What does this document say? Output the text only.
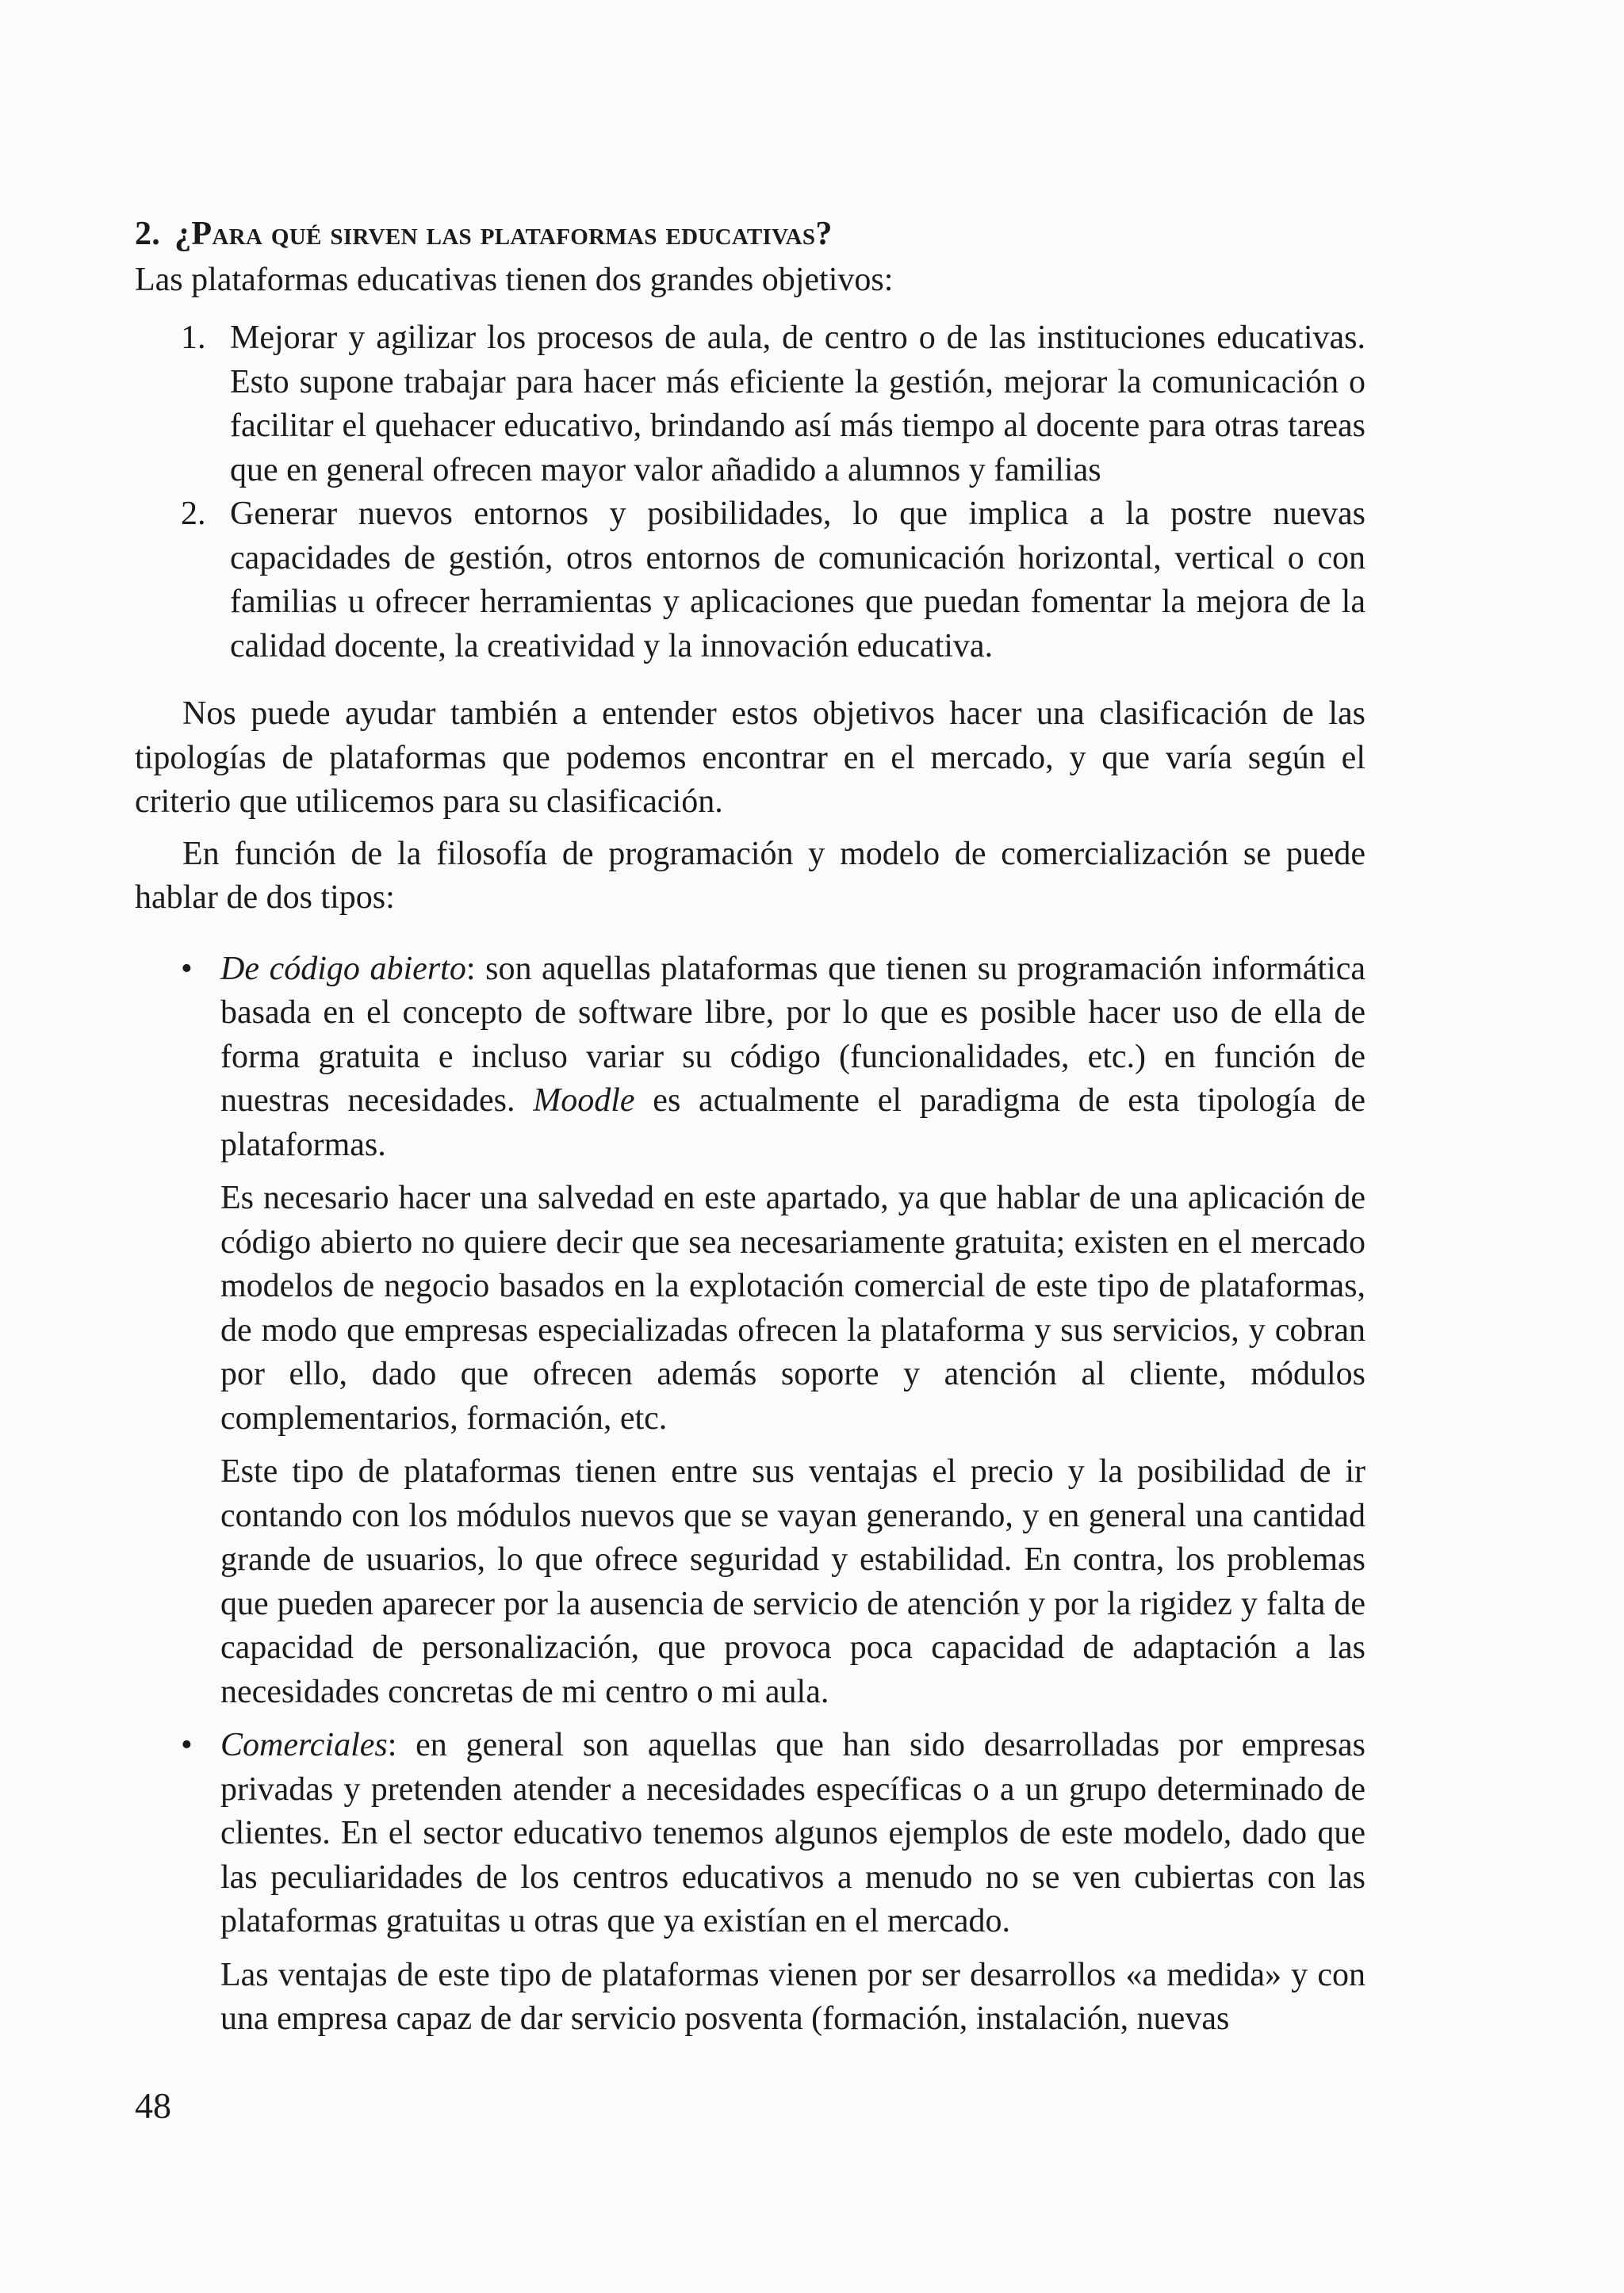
2. ¿Para qué sirven las plataformas educativas?

Las plataformas educativas tienen dos grandes objetivos:

1. Mejorar y agilizar los procesos de aula, de centro o de las instituciones educativas. Esto supone trabajar para hacer más eficiente la gestión, mejorar la comunicación o facilitar el quehacer educativo, brindando así más tiempo al docente para otras tareas que en general ofrecen mayor valor añadido a alumnos y familias
2. Generar nuevos entornos y posibilidades, lo que implica a la postre nuevas capacidades de gestión, otros entornos de comunicación horizontal, vertical o con familias u ofrecer herramientas y aplicaciones que puedan fomentar la mejora de la calidad docente, la creatividad y la innovación educativa.

Nos puede ayudar también a entender estos objetivos hacer una clasificación de las tipologías de plataformas que podemos encontrar en el mercado, y que varía según el criterio que utilicemos para su clasificación.

En función de la filosofía de programación y modelo de comercialización se puede hablar de dos tipos:

• De código abierto: son aquellas plataformas que tienen su programación informática basada en el concepto de software libre, por lo que es posible hacer uso de ella de forma gratuita e incluso variar su código (funcionalidades, etc.) en función de nuestras necesidades. Moodle es actualmente el paradigma de esta tipología de plataformas.

Es necesario hacer una salvedad en este apartado, ya que hablar de una aplicación de código abierto no quiere decir que sea necesariamente gratuita; existen en el mercado modelos de negocio basados en la explotación comercial de este tipo de plataformas, de modo que empresas especializadas ofrecen la plataforma y sus servicios, y cobran por ello, dado que ofrecen además soporte y atención al cliente, módulos complementarios, formación, etc.

Este tipo de plataformas tienen entre sus ventajas el precio y la posibilidad de ir contando con los módulos nuevos que se vayan generando, y en general una cantidad grande de usuarios, lo que ofrece seguridad y estabilidad. En contra, los problemas que pueden aparecer por la ausencia de servicio de atención y por la rigidez y falta de capacidad de personalización, que provoca poca capacidad de adaptación a las necesidades concretas de mi centro o mi aula.

• Comerciales: en general son aquellas que han sido desarrolladas por empresas privadas y pretenden atender a necesidades específicas o a un grupo determinado de clientes. En el sector educativo tenemos algunos ejemplos de este modelo, dado que las peculiaridades de los centros educativos a menudo no se ven cubiertas con las plataformas gratuitas u otras que ya existían en el mercado.

Las ventajas de este tipo de plataformas vienen por ser desarrollos «a medida» y con una empresa capaz de dar servicio posventa (formación, instalación, nuevas

48
